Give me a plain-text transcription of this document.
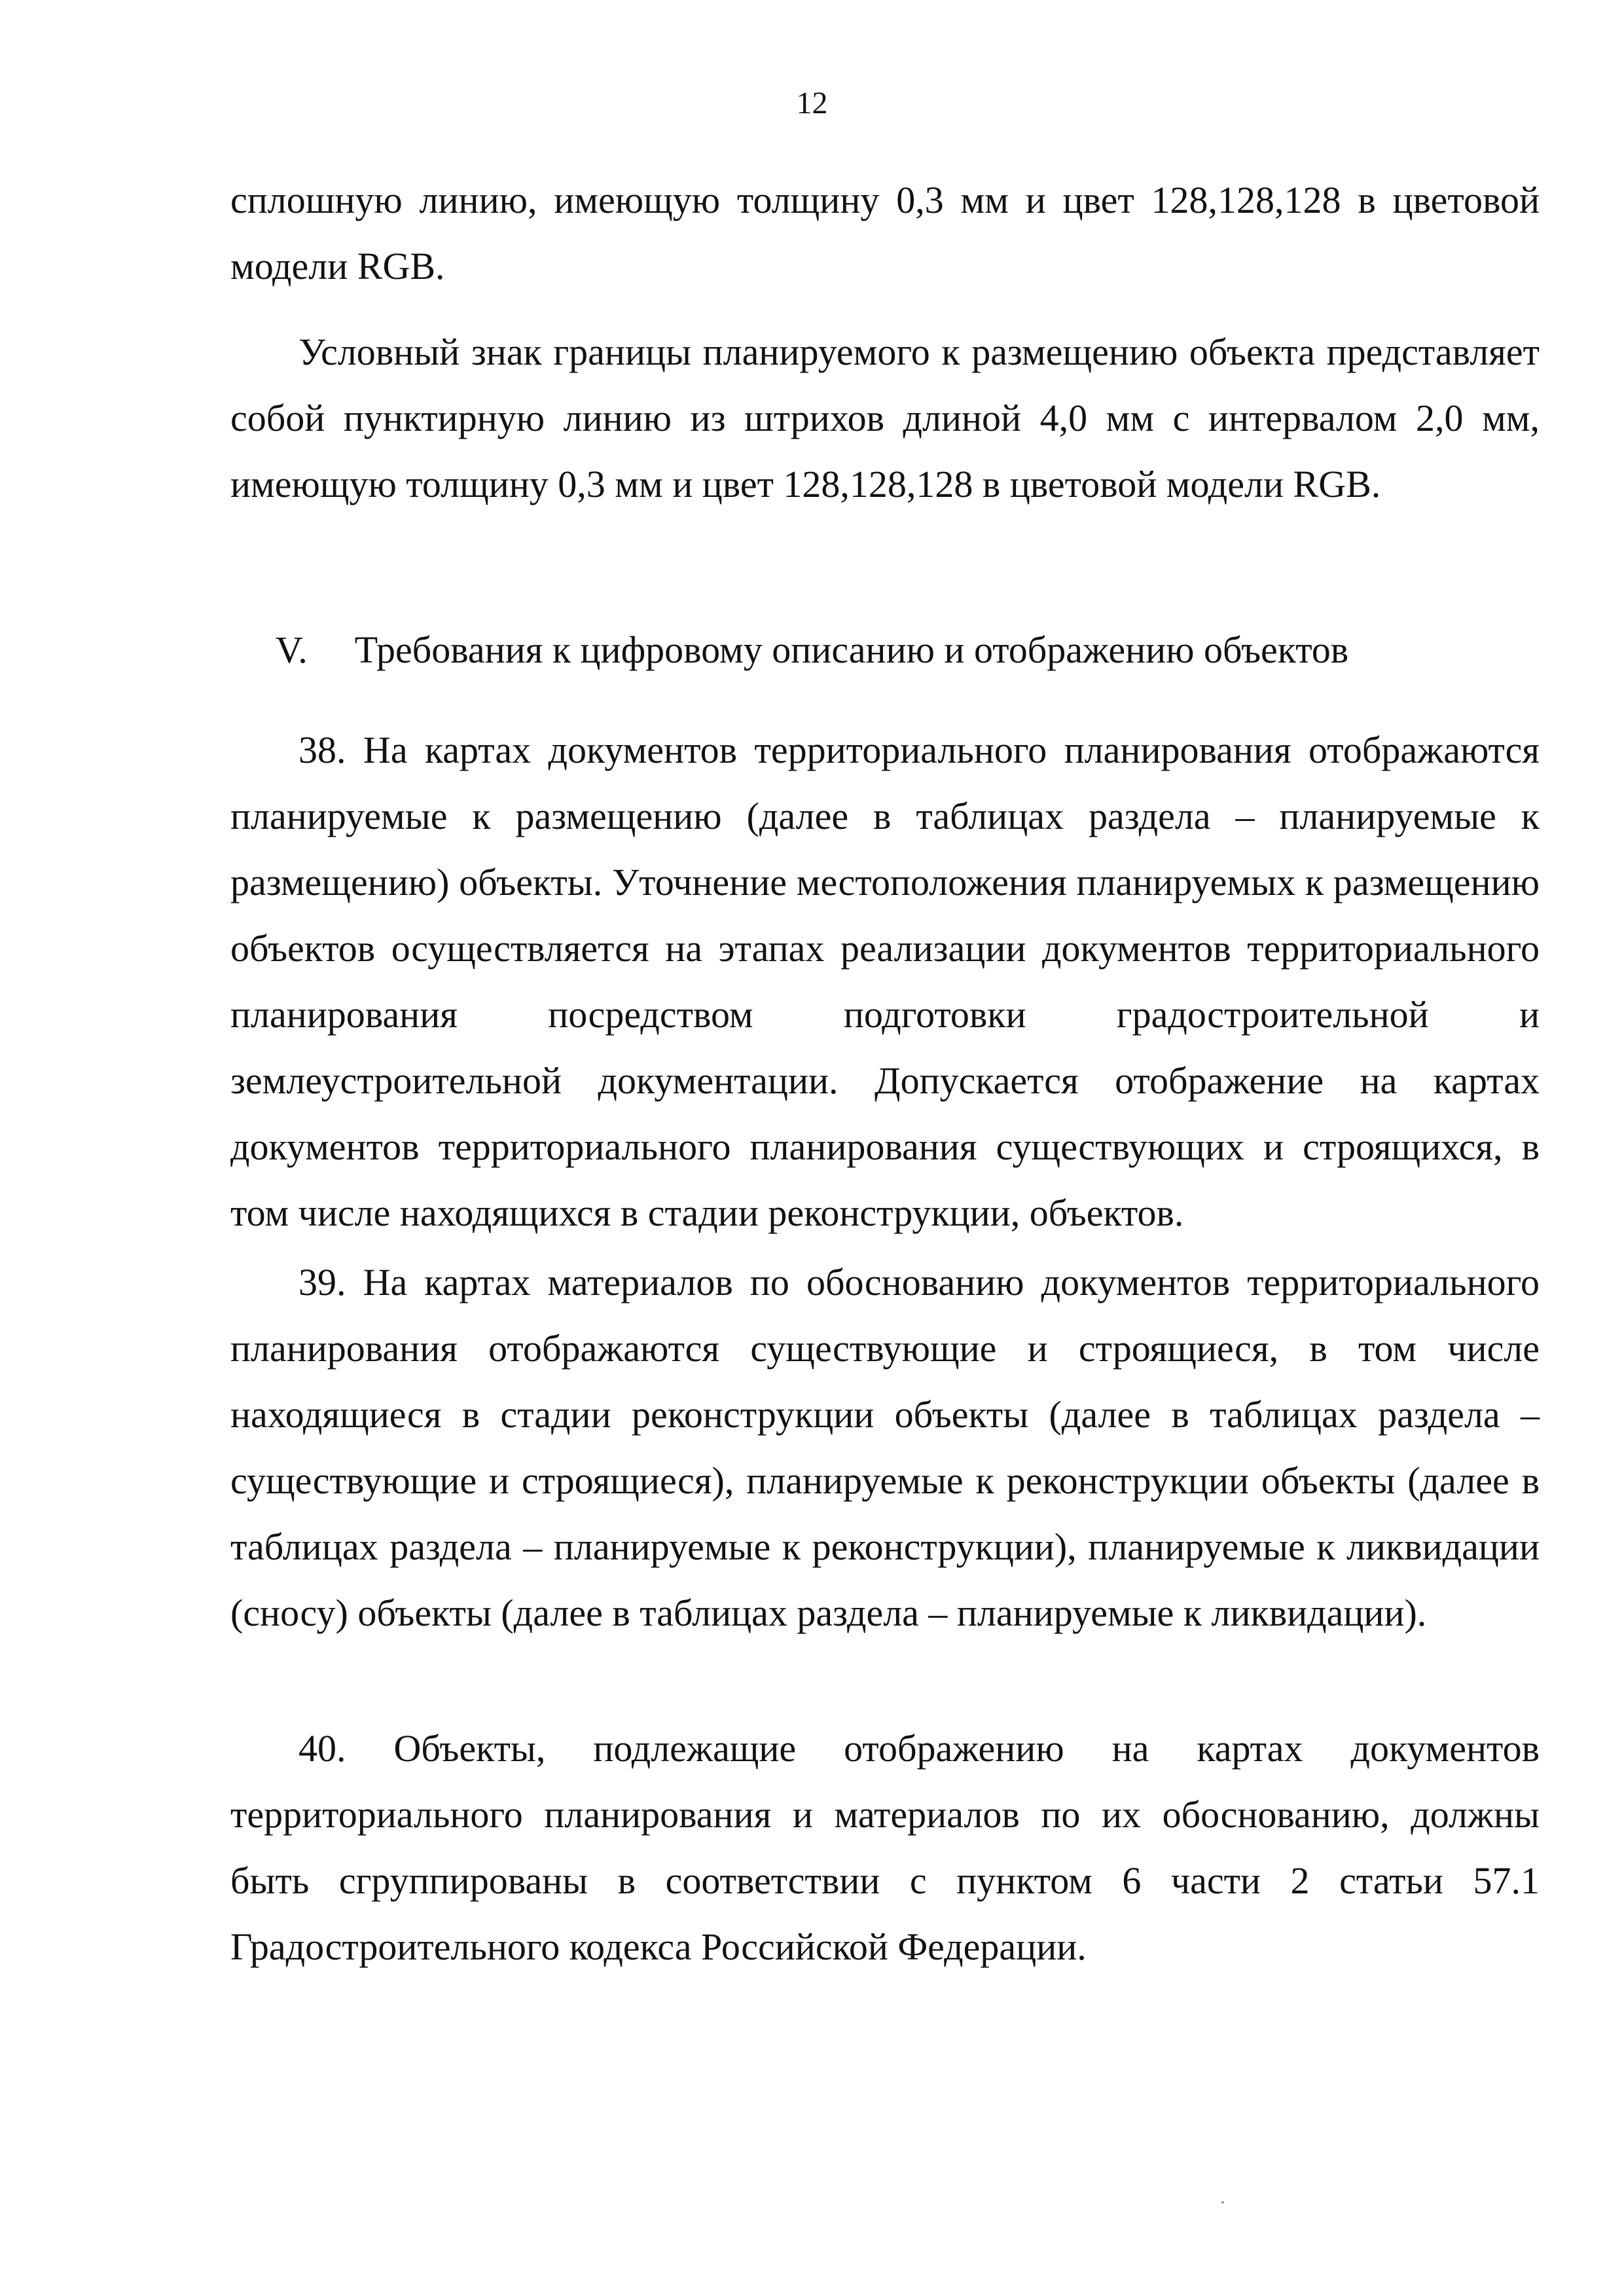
12

сплошную линию, имеющую толщину 0,3 мм и цвет 128,128,128 в цветовой модели RGB.

Условный знак границы планируемого к размещению объекта представляет собой пунктирную линию из штрихов длиной 4,0 мм с интервалом 2,0 мм, имеющую толщину 0,3 мм и цвет 128,128,128 в цветовой модели RGB.

V. Требования к цифровому описанию и отображению объектов

38. На картах документов территориального планирования отображаются планируемые к размещению (далее в таблицах раздела – планируемые к размещению) объекты. Уточнение местоположения планируемых к размещению объектов осуществляется на этапах реализации документов территориального планирования посредством подготовки градостроительной и землеустроительной документации. Допускается отображение на картах документов территориального планирования существующих и строящихся, в том числе находящихся в стадии реконструкции, объектов.

39. На картах материалов по обоснованию документов территориального планирования отображаются существующие и строящиеся, в том числе находящиеся в стадии реконструкции объекты (далее в таблицах раздела – существующие и строящиеся), планируемые к реконструкции объекты (далее в таблицах раздела – планируемые к реконструкции), планируемые к ликвидации (сносу) объекты (далее в таблицах раздела – планируемые к ликвидации).

40. Объекты, подлежащие отображению на картах документов территориального планирования и материалов по их обоснованию, должны быть сгруппированы в соответствии с пунктом 6 части 2 статьи 57.1 Градостроительного кодекса Российской Федерации.
